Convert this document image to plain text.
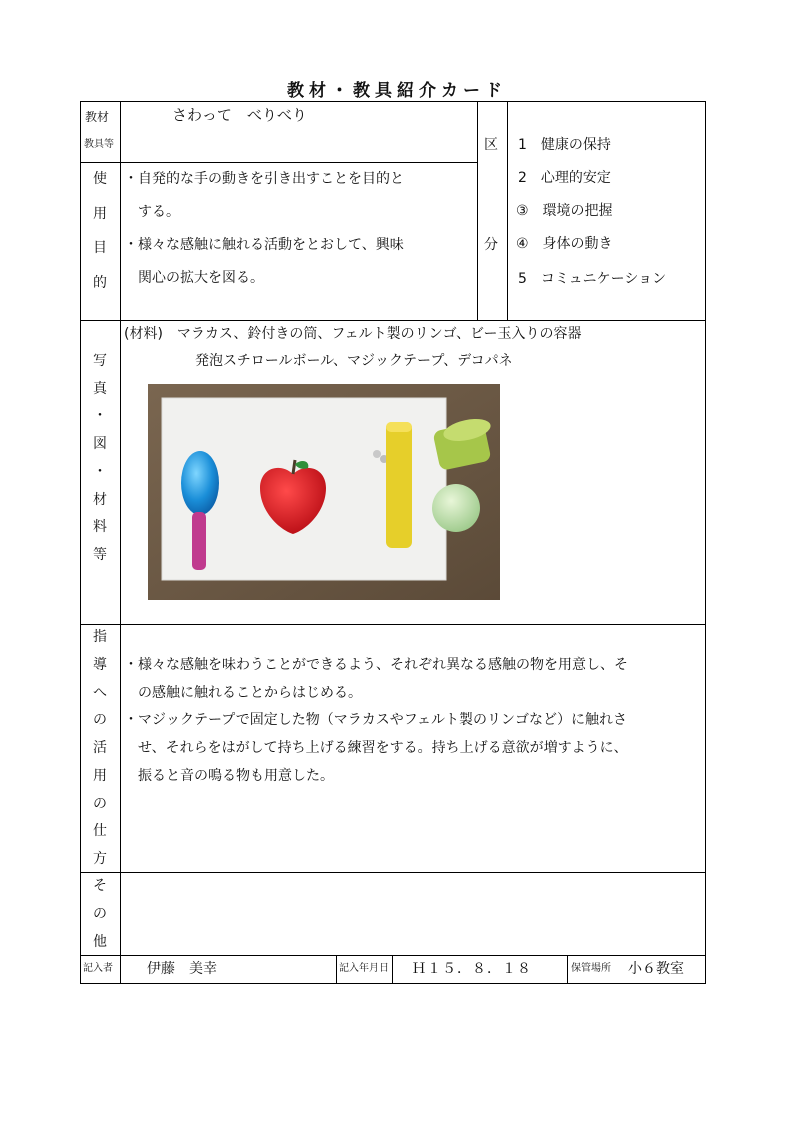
教材・教具紹介カード
教材
教具等
さわって　べりべり
区
分
1　健康の保持
2　心理的安定
③　環境の把握
④　身体の動き
5　コミュニケーション
使
用
目
的
・自発的な手の動きを引き出すことを目的と
　する。
・様々な感触に触れる活動をとおして、興味
　関心の拡大を図る。
写
真
・
図
・
材
料
等
(材料)　マラカス、鈴付きの筒、フェルト製のリンゴ、ビー玉入りの容器
発泡スチロールボール、マジックテープ、デコパネ
指
導
へ
の
活
用
の
仕
方
・様々な感触を味わうことができるよう、それぞれ異なる感触の物を用意し、そ
　の感触に触れることからはじめる。
・マジックテープで固定した物（マラカスやフェルト製のリンゴなど）に触れさ
　せ、それらをはがして持ち上げる練習をする。持ち上げる意欲が増すように、
　振ると音の鳴る物も用意した。
そ
の
他
記入者 伊藤　美幸	記入年月日 Ｈ１５．８．１８	保管場所 小６教室
